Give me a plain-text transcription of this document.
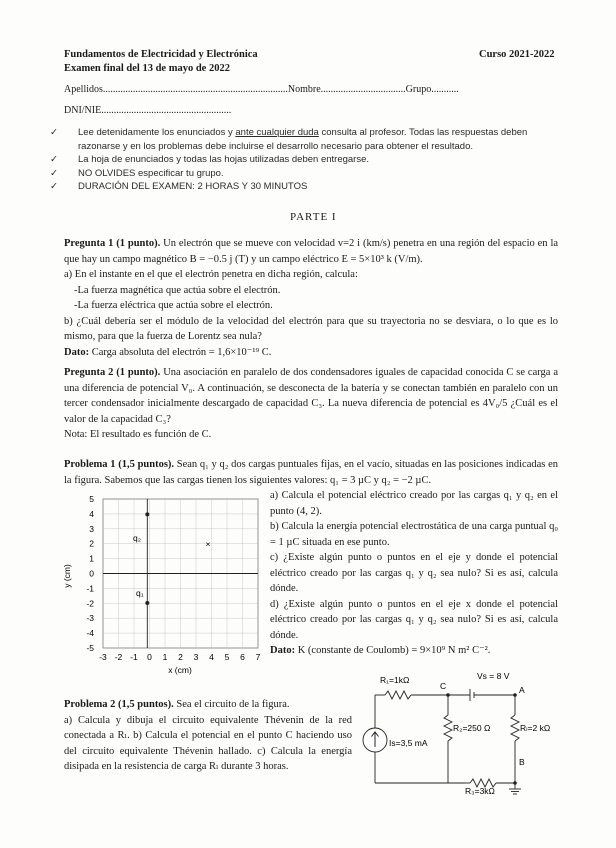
Fundamentos de Electricidad y Electrónica
Examen final del 13 de mayo de 2022
Curso 2021-2022
Apellidos..........................................................................Nombre..................................Grupo...........
DNI/NIE....................................................
✓ Lee detenidamente los enunciados y ante cualquier duda consulta al profesor. Todas las respuestas deben razonarse y en los problemas debe incluirse el desarrollo necesario para obtener el resultado.
✓ La hoja de enunciados y todas las hojas utilizadas deben entregarse.
✓ NO OLVIDES especificar tu grupo.
✓ DURACIÓN DEL EXAMEN: 2 HORAS Y 30 MINUTOS
PARTE I
Pregunta 1 (1 punto). Un electrón que se mueve con velocidad v=2 i (km/s) penetra en una región del espacio en la que hay un campo magnético B = −0.5 j (T) y un campo eléctrico E = 5×10³ k (V/m).
a) En el instante en el que el electrón penetra en dicha región, calcula:
-La fuerza magnética que actúa sobre el electrón.
-La fuerza eléctrica que actúa sobre el electrón.
b) ¿Cuál debería ser el módulo de la velocidad del electrón para que su trayectoria no se desviara, o lo que es lo mismo, para que la fuerza de Lorentz sea nula?
Dato: Carga absoluta del electrón = 1,6×10⁻¹⁹ C.
Pregunta 2 (1 punto). Una asociación en paralelo de dos condensadores iguales de capacidad conocida C se carga a una diferencia de potencial V₀. A continuación, se desconecta de la batería y se conectan también en paralelo con un tercer condensador inicialmente descargado de capacidad C₃. La nueva diferencia de potencial es 4V₀/5 ¿Cuál es el valor de la capacidad C₃?
Nota: El resultado es función de C.
Problema 1 (1,5 puntos). Sean q₁ y q₂ dos cargas puntuales fijas, en el vacío, situadas en las posiciones indicadas en la figura. Sabemos que las cargas tienen los siguientes valores: q₁ = 3 µC y q₂ = −2 µC.
a) Calcula el potencial eléctrico creado por las cargas q₁ y q₂ en el punto (4, 2).
b) Calcula la energía potencial electrostática de una carga puntual q₀ = 1 µC situada en ese punto.
c) ¿Existe algún punto o puntos en el eje y donde el potencial eléctrico creado por las cargas q₁ y q₂ sea nulo? Si es así, calcula dónde.
d) ¿Existe algún punto o puntos en el eje x donde el potencial eléctrico creado por las cargas q₁ y q₂ sea nulo? Si es así, calcula dónde.
Dato: K (constante de Coulomb) = 9×10⁹ N m² C⁻².
5
4
3
2
1
0
-1
-2
-3
-4
-5
-3 -2 -1 0 1 2 3 4 5 6 7
y (cm)
x (cm)
q₂
q₁
×
Problema 2 (1,5 puntos). Sea el circuito de la figura.
a) Calcula y dibuja el circuito equivalente Thévenin de la red conectada a Rₗ. b) Calcula el potencial en el punto C haciendo uso del circuito equivalente Thévenin hallado. c) Calcula la energía disipada en la resistencia de carga Rₗ durante 3 horas.
R₁=1kΩ	Vs = 8 V
C	A
B
R₂=250 Ω	Rₗ=2 kΩ
Is=3,5 mA
R₃=3kΩ
